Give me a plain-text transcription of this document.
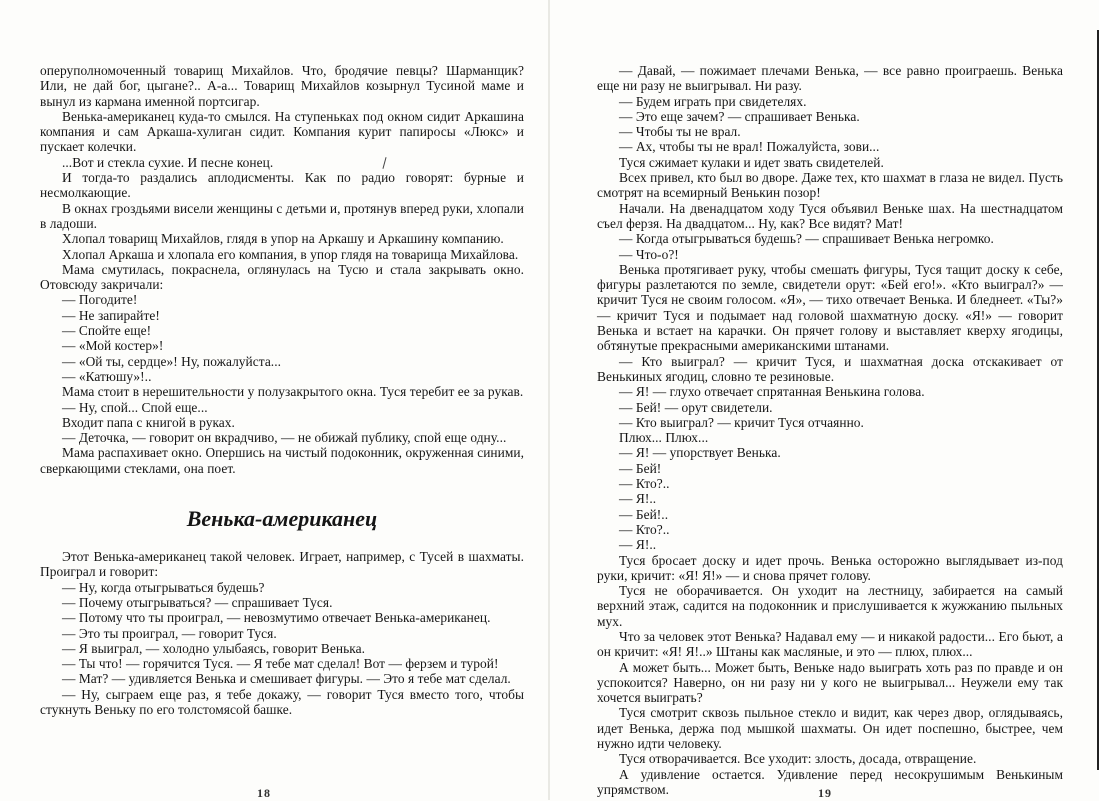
оперуполномоченный товарищ Михайлов. Что, бродячие певцы? Шарманщик? Или, не дай бог, цыгане?.. А-а... Товарищ Михайлов козырнул Тусиной маме и вынул из кармана именной портсигар.

Венька-американец куда-то смылся. На ступеньках под окном сидит Аркашина компания и сам Аркаша-хулиган сидит. Компания курит папиросы «Люкс» и пускает колечки.

...Вот и стекла сухие. И песне конец.

И тогда-то раздались аплодисменты. Как по радио говорят: бурные и несмолкающие.

В окнах гроздьями висели женщины с детьми и, протянув вперед руки, хлопали в ладоши.

Хлопал товарищ Михайлов, глядя в упор на Аркашу и Аркашину компанию.

Хлопал Аркаша и хлопала его компания, в упор глядя на товарища Михайлова.

Мама смутилась, покраснела, оглянулась на Тусю и стала закрывать окно. Отовсюду закричали:

— Погодите!

— Не запирайте!

— Спойте еще!

— «Мой костер»!

— «Ой ты, сердце»! Ну, пожалуйста...

— «Катюшу»!..

Мама стоит в нерешительности у полузакрытого окна. Туся теребит ее за рукав.

— Ну, спой... Спой еще...

Входит папа с книгой в руках.

— Деточка, — говорит он вкрадчиво, — не обижай публику, спой еще одну...

Мама распахивает окно. Опершись на чистый подоконник, окруженная синими, сверкающими стеклами, она поет.

Венька-американец

Этот Венька-американец такой человек. Играет, например, с Тусей в шахматы. Проиграл и говорит:

— Ну, когда отыгрываться будешь?

— Почему отыгрываться? — спрашивает Туся.

— Потому что ты проиграл, — невозмутимо отвечает Венька-американец.

— Это ты проиграл, — говорит Туся.

— Я выиграл, — холодно улыбаясь, говорит Венька.

— Ты что! — горячится Туся. — Я тебе мат сделал! Вот — ферзем и турой!

— Мат? — удивляется Венька и смешивает фигуры. — Это я тебе мат сделал.

— Ну, сыграем еще раз, я тебе докажу, — говорит Туся вместо того, чтобы стукнуть Веньку по его толстомясой башке.

18

— Давай, — пожимает плечами Венька, — все равно проиграешь. Венька еще ни разу не выигрывал. Ни разу.

— Будем играть при свидетелях.

— Это еще зачем? — спрашивает Венька.

— Чтобы ты не врал.

— Ах, чтобы ты не врал! Пожалуйста, зови...

Туся сжимает кулаки и идет звать свидетелей.

Всех привел, кто был во дворе. Даже тех, кто шахмат в глаза не видел. Пусть смотрят на всемирный Венькин позор!

Начали. На двенадцатом ходу Туся объявил Веньке шах. На шестнадцатом съел ферзя. На двадцатом... Ну, как? Все видят? Мат!

— Когда отыгрываться будешь? — спрашивает Венька негромко.

— Что-о?!

Венька протягивает руку, чтобы смешать фигуры, Туся тащит доску к себе, фигуры разлетаются по земле, свидетели орут: «Бей его!». «Кто выиграл?» — кричит Туся не своим голосом. «Я», — тихо отвечает Венька. И бледнеет. «Ты?» — кричит Туся и подымает над головой шахматную доску. «Я!» — говорит Венька и встает на карачки. Он прячет голову и выставляет кверху ягодицы, обтянутые прекрасными американскими штанами.

— Кто выиграл? — кричит Туся, и шахматная доска отскакивает от Венькиных ягодиц, словно те резиновые.

— Я! — глухо отвечает спрятанная Венькина голова.

— Бей! — орут свидетели.

— Кто выиграл? — кричит Туся отчаянно.

Плюх... Плюх...

— Я! — упорствует Венька.

— Бей!

— Кто?..

— Я!..

— Бей!..

— Кто?..

— Я!..

Туся бросает доску и идет прочь. Венька осторожно выглядывает из-под руки, кричит: «Я! Я!» — и снова прячет голову.

Туся не оборачивается. Он уходит на лестницу, забирается на самый верхний этаж, садится на подоконник и прислушивается к жужжанию пыльных мух.

Что за человек этот Венька? Надавал ему — и никакой радости... Его бьют, а он кричит: «Я! Я!..» Штаны как масляные, и это — плюх, плюх...

А может быть... Может быть, Веньке надо выиграть хоть раз по правде и он успокоится? Наверно, он ни разу ни у кого не выигрывал... Неужели ему так хочется выиграть?

Туся смотрит сквозь пыльное стекло и видит, как через двор, оглядываясь, идет Венька, держа под мышкой шахматы. Он идет поспешно, быстрее, чем нужно идти человеку.

Туся отворачивается. Все уходит: злость, досада, отвращение.

А удивление остается. Удивление перед несокрушимым Венькиным упрямством.	19
